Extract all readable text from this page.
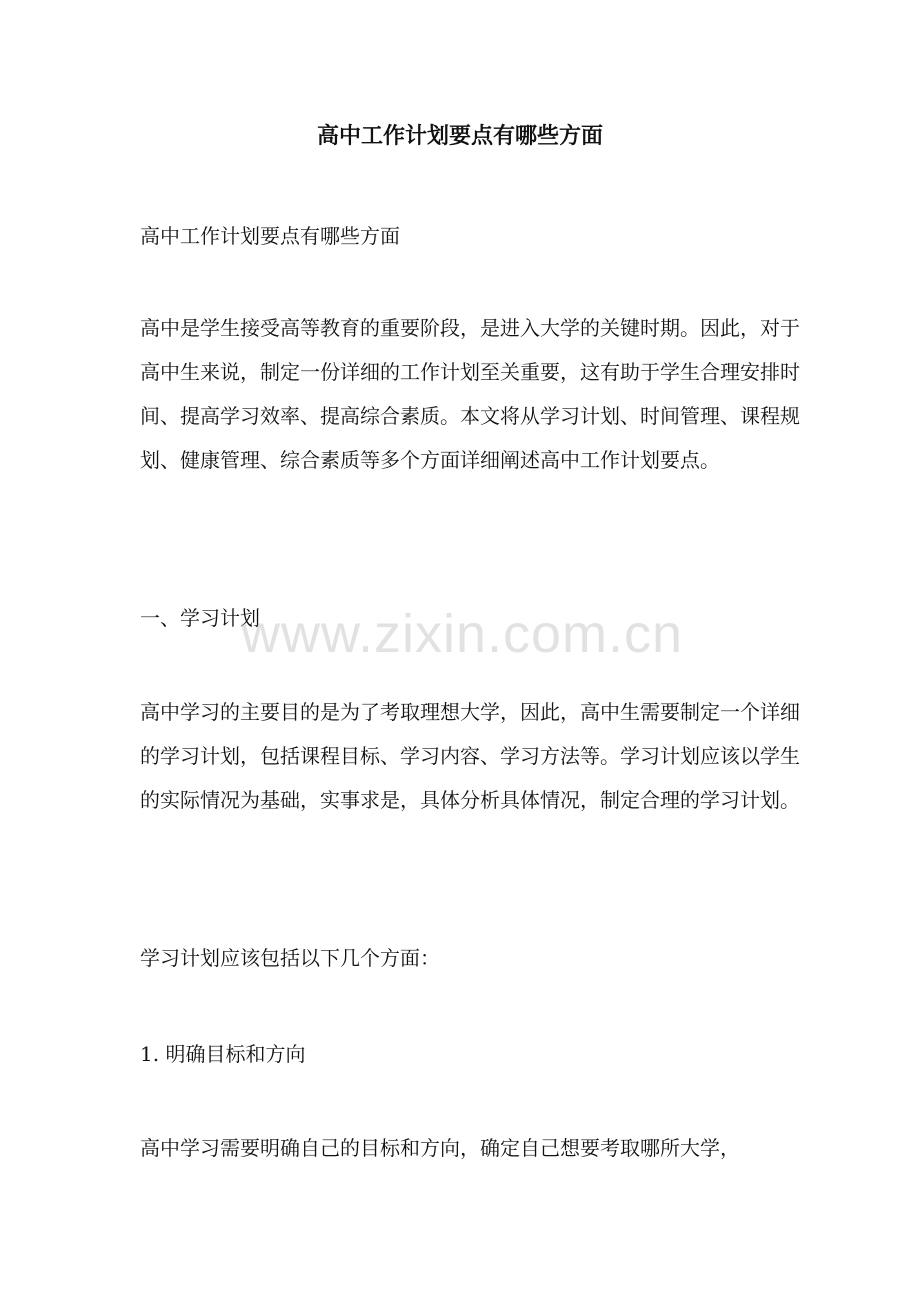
高中工作计划要点有哪些方面

高中工作计划要点有哪些方面

高中是学生接受高等教育的重要阶段，是进入大学的关键时期。因此，对于高中生来说，制定一份详细的工作计划至关重要，这有助于学生合理安排时间、提高学习效率、提高综合素质。本文将从学习计划、时间管理、课程规划、健康管理、综合素质等多个方面详细阐述高中工作计划要点。

一、学习计划

高中学习的主要目的是为了考取理想大学，因此，高中生需要制定一个详细的学习计划，包括课程目标、学习内容、学习方法等。学习计划应该以学生的实际情况为基础，实事求是，具体分析具体情况，制定合理的学习计划。

学习计划应该包括以下几个方面：

1. 明确目标和方向

高中学习需要明确自己的目标和方向，确定自己想要考取哪所大学，

www.zixin.com.cn
